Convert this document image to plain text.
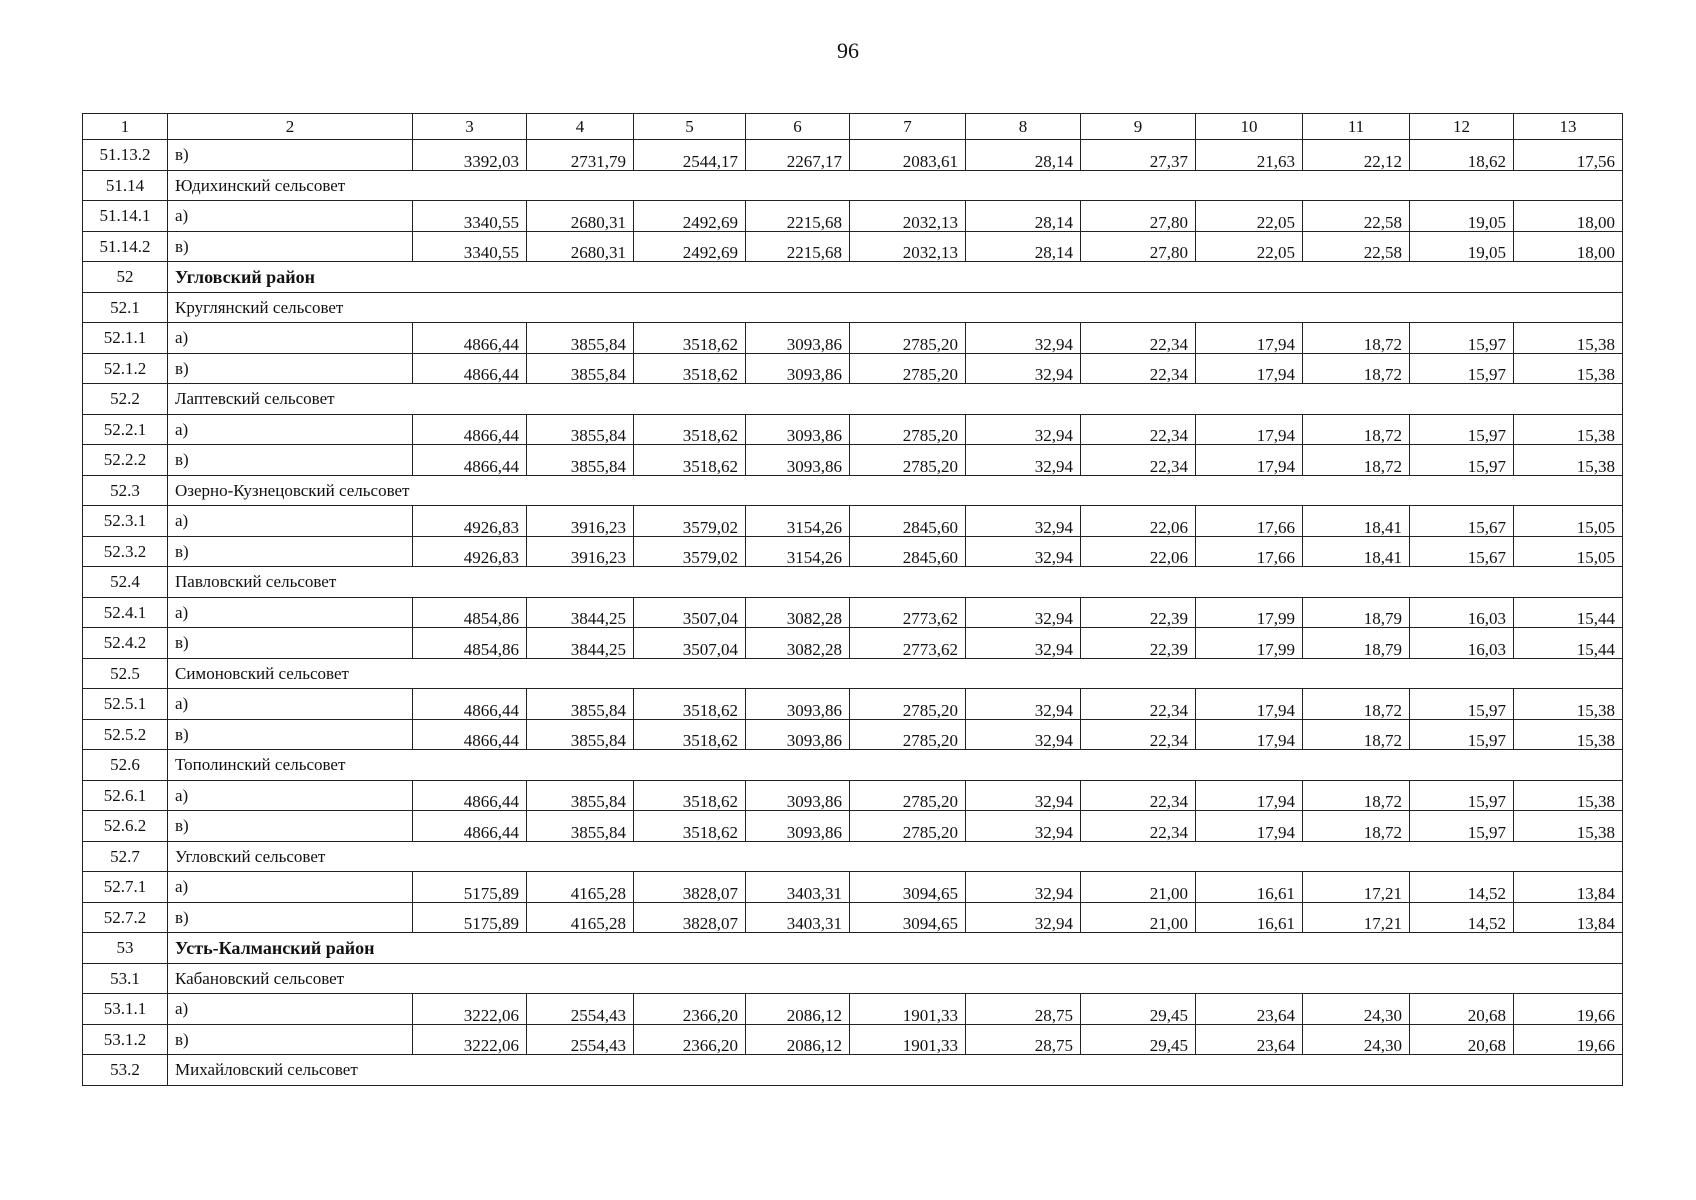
96
1	2	3	4	5	6	7	8	9	10	11	12	13
51.13.2	в)	3392,03	2731,79	2544,17	2267,17	2083,61	28,14	27,37	21,63	22,12	18,62	17,56
51.14	Юдихинский сельсовет											
51.14.1	а)	3340,55	2680,31	2492,69	2215,68	2032,13	28,14	27,80	22,05	22,58	19,05	18,00
51.14.2	в)	3340,55	2680,31	2492,69	2215,68	2032,13	28,14	27,80	22,05	22,58	19,05	18,00
52	Угловский район											
52.1	Круглянский сельсовет											
52.1.1	а)	4866,44	3855,84	3518,62	3093,86	2785,20	32,94	22,34	17,94	18,72	15,97	15,38
52.1.2	в)	4866,44	3855,84	3518,62	3093,86	2785,20	32,94	22,34	17,94	18,72	15,97	15,38
52.2	Лаптевский сельсовет											
52.2.1	а)	4866,44	3855,84	3518,62	3093,86	2785,20	32,94	22,34	17,94	18,72	15,97	15,38
52.2.2	в)	4866,44	3855,84	3518,62	3093,86	2785,20	32,94	22,34	17,94	18,72	15,97	15,38
52.3	Озерно-Кузнецовский сельсовет											
52.3.1	а)	4926,83	3916,23	3579,02	3154,26	2845,60	32,94	22,06	17,66	18,41	15,67	15,05
52.3.2	в)	4926,83	3916,23	3579,02	3154,26	2845,60	32,94	22,06	17,66	18,41	15,67	15,05
52.4	Павловский сельсовет											
52.4.1	а)	4854,86	3844,25	3507,04	3082,28	2773,62	32,94	22,39	17,99	18,79	16,03	15,44
52.4.2	в)	4854,86	3844,25	3507,04	3082,28	2773,62	32,94	22,39	17,99	18,79	16,03	15,44
52.5	Симоновский сельсовет											
52.5.1	а)	4866,44	3855,84	3518,62	3093,86	2785,20	32,94	22,34	17,94	18,72	15,97	15,38
52.5.2	в)	4866,44	3855,84	3518,62	3093,86	2785,20	32,94	22,34	17,94	18,72	15,97	15,38
52.6	Тополинский сельсовет											
52.6.1	а)	4866,44	3855,84	3518,62	3093,86	2785,20	32,94	22,34	17,94	18,72	15,97	15,38
52.6.2	в)	4866,44	3855,84	3518,62	3093,86	2785,20	32,94	22,34	17,94	18,72	15,97	15,38
52.7	Угловский сельсовет											
52.7.1	а)	5175,89	4165,28	3828,07	3403,31	3094,65	32,94	21,00	16,61	17,21	14,52	13,84
52.7.2	в)	5175,89	4165,28	3828,07	3403,31	3094,65	32,94	21,00	16,61	17,21	14,52	13,84
53	Усть-Калманский район											
53.1	Кабановский сельсовет											
53.1.1	а)	3222,06	2554,43	2366,20	2086,12	1901,33	28,75	29,45	23,64	24,30	20,68	19,66
53.1.2	в)	3222,06	2554,43	2366,20	2086,12	1901,33	28,75	29,45	23,64	24,30	20,68	19,66
53.2	Михайловский сельсовет											
